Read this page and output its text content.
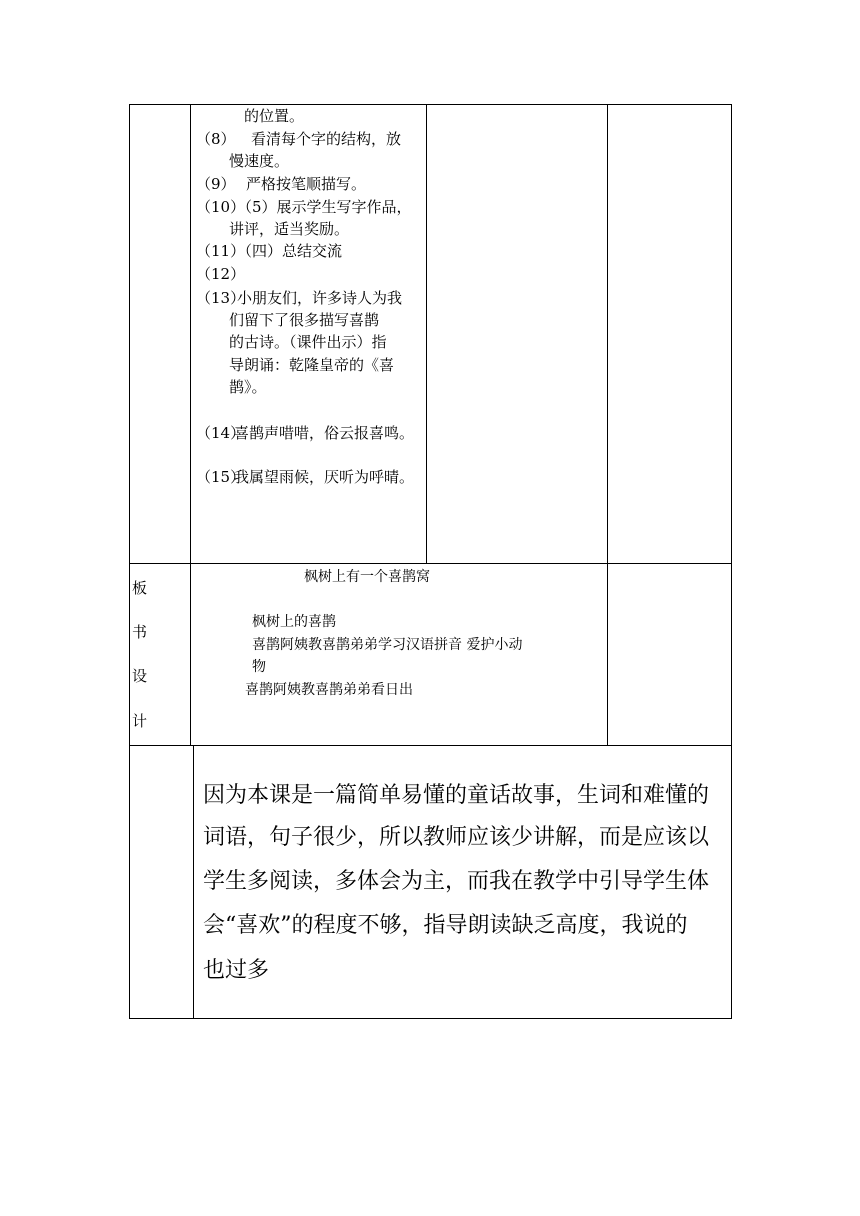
的位置。
（8） 看清每个字的结构，放
慢速度。
（9） 严格按笔顺描写。
（10）
（5）展示学生写字作品，
讲评，适当奖励。
（11）
（四）总结交流
（12）
（13）
小朋友们，许多诗人为我
们留下了很多描写喜鹊
的古诗。（课件出示）指
导朗诵：乾隆皇帝的《喜
鹊》。
（14）
喜鹊声唶唶，俗云报喜鸣。
（15）
我属望雨候，厌听为呼晴。
板
书
设
计
枫树上有一个喜鹊窝
枫树上的喜鹊
喜鹊阿姨教喜鹊弟弟学习汉语拼音 爱护小动
物
喜鹊阿姨教喜鹊弟弟看日出
因为本课是一篇简单易懂的童话故事，生词和难懂的
词语，句子很少，所以教师应该少讲解，而是应该以
学生多阅读，多体会为主，而我在教学中引导学生体
会“喜欢”的程度不够，指导朗读缺乏高度，我说的
也过多
